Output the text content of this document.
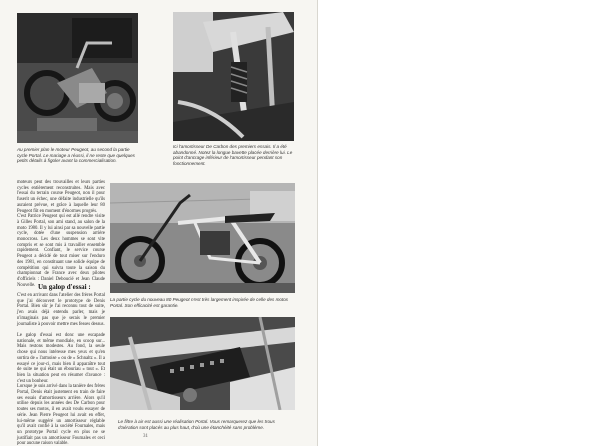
Au premier plan le moteur Peugeot, au second la partie cycle Portal. Le mariage a réussi, il ne reste que quelques petits détails à figoler avant la commercialisation.

Ici l'amortisseur De Carbon des premiers essais. Il a été abandonné. Notez la longue bavette placée derrière lui. Le point d'ancrage inférieur de l'amortisseur pendant son fonctionnement.

moteurs peut des trouvailles et leurs parties cycles entièrement reconstruites. Mais avec l'essai du terrain course Peugeot, non il pour fuserit un échec, une défaite industrielle qu'ils auraient prévue, et grâce à laquelle leur 80 Peugeot fût en moment d'énormes progrès.
C'est Patrice Peugeot qui est allé rendre visite à Gilles Portal, son ami stand, au salon de la moto 1980. Il y lui ainsi par sa nouvelle partie cycle, dotée d'une suspension arrière monocross. Les deux hommes se sont vite compris et se sont mis à travailler ensemble rapidement. Confiant, le service course Peugeot a décidé de tout miser sur l'enduro des 1981, en constituant une solide équipe de compétition qui suivra toute la saison du championnat de France avec deux pilotes d'officiels : Daniel Deboucié et Jean Claude Nouvelle.

La partie cycle du nouveau 80 Peugeot n'est très largement inspirée de celle des motos Portal. Son efficacité est garantie.

Un galop d'essai :

C'est en arrivant dans l'atelier des frères Portal que j'ai découvert le prototype de Denis Portal. Bien sûr je l'ai reconnu tout de suite, j'en avais déjà entendu parler, mais je n'imaginais pas que je serais le premier journaliste à pouvoir mettre mes fesses dessus.

Le galop d'essai est donc une escapade nationale, et même mondiale, en scoop sur... Mais restons modestes. Au fond, la seule chose qui nous intéresse mes yeux et qu'en sortira de « l'armoise » ou de « Schnaltz ». Il a essayé ce jour-ci, mais bien il apparaître tout de suite ne qui était un ébouriau « tout ». Et bien la situation peut en résumer d'avance : c'est un bonheur.
Lorsque je suis arrivé dans la tanière des frères Portal, Denis était justement en train de faire ses essais d'amortisseurs arrière. Alors qu'il utilise depuis les années des De Carbon pour toutes ses motos, il en avait voulu essayer de série. Jean Pierre Peugeot lui avait en effet, lui-même suggéré un amortisseur réglable qu'il avait confié à la société Fournales, mais un prototype Portal cycle en plus ne se justifiait pas un amortisseur Fournales et ceci pour aucune raison valable.

Le filtre à air est aussi une réalisation Portal. Vous remarquerez que les trous d'aération sont placés au plus haut, d'où une étanchéité sans problème.

31
